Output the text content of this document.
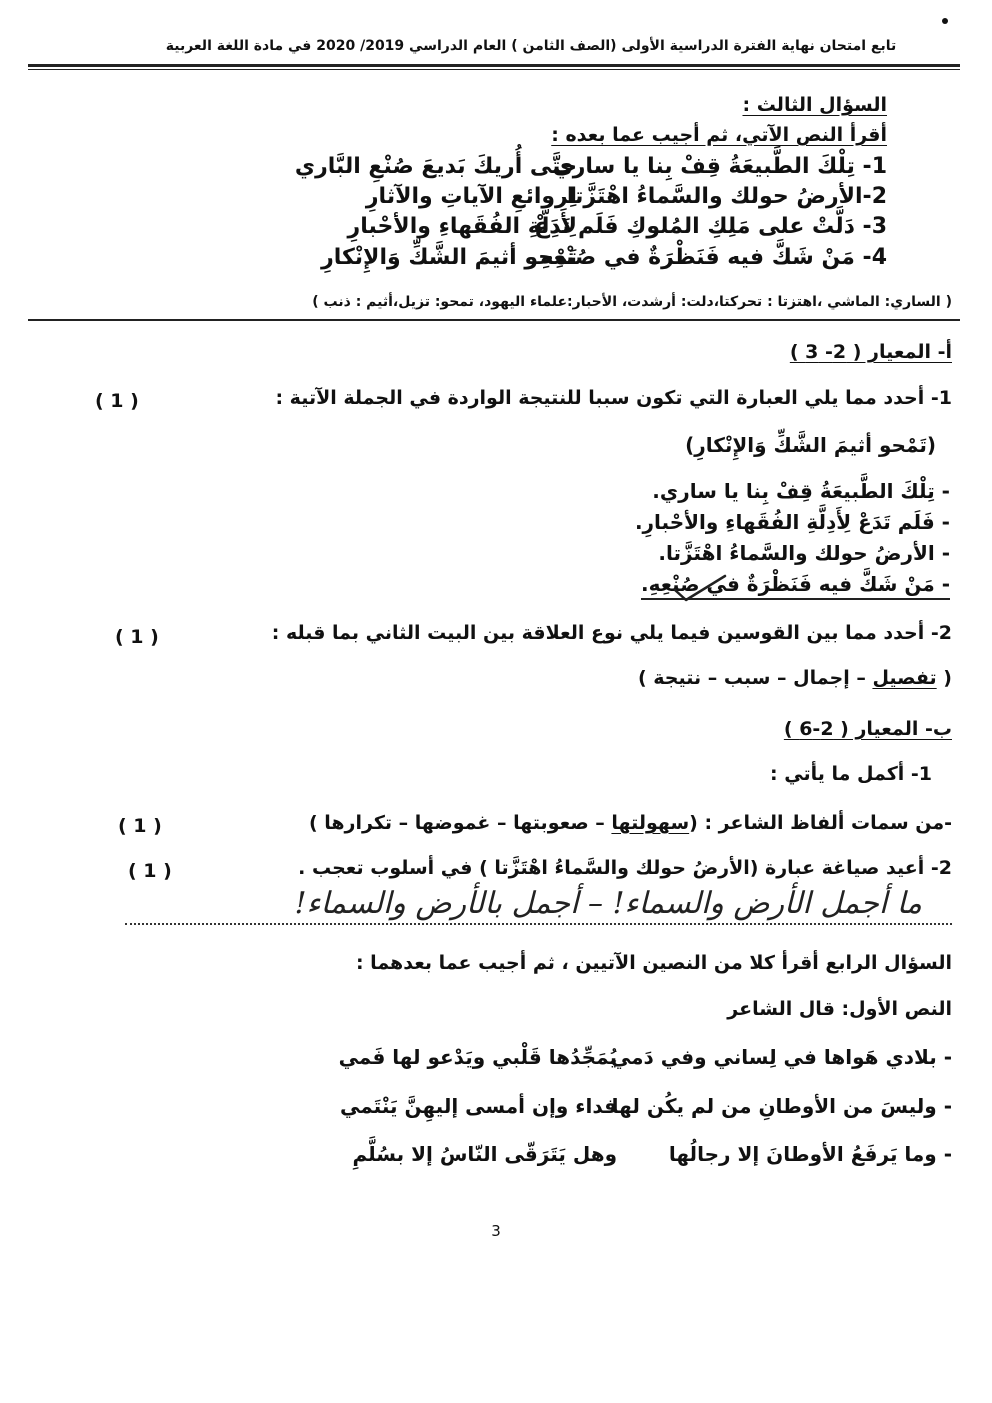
تابع امتحان نهاية الفترة الدراسية الأولى (الصف الثامن ) العام الدراسي 2019/ 2020 في مادة اللغة العربية
السؤال الثالث :
أقرأ النص الآتي، ثم أجيب عما بعده :
1- تِلْكَ الطَّبيعَةُ قِفْ بِنا يا ساري
حتَّى أُريكَ بَديعَ صُنْعِ البَّاري
2-الأرضُ حولك والسَّماءُ اهْتَزَّتا
لِروائعِ الآياتِ والآثارِ
3- دَلَّتْ على مَلِكِ المُلوكِ فَلَم تَدَعْ
لِأَدِلَّةِ الفُقَهاءِ والأحْبارِ
4- مَنْ شَكَّ فيه فَنَظْرَةٌ في صُنْعِهِ
تَمْحو أثيمَ الشَّكِّ وَالإِنْكارِ
( الساري: الماشي ،اهتزتا : تحركتا،دلت: أرشدت، الأحبار:علماء اليهود، تمحو: تزيل،أثيم : ذنب )
أ- المعيار ( 2- 3 )
1- أحدد مما يلي العبارة التي تكون سببا للنتيجة الواردة في الجملة الآتية :
( 1 )
(تَمْحو أثيمَ الشَّكِّ وَالإِنْكارِ)
- تِلْكَ الطَّبيعَةُ قِفْ بِنا يا ساري.
- فَلَم تَدَعْ لِأَدِلَّةِ الفُقَهاءِ والأحْبارِ.
- الأرضُ حولك والسَّماءُ اهْتَزَّتا.
- مَنْ شَكَّ فيه فَنَظْرَةٌ في صُنْعِهِ.
2- أحدد مما بين القوسين فيما يلي نوع العلاقة بين البيت الثاني بما قبله :
( 1 )
( تفصيل – إجمال – سبب – نتيجة )
ب- المعيار ( 2-6 )
1- أكمل ما يأتي :
-من سمات ألفاظ الشاعر : (سهولتها – صعوبتها – غموضها – تكرارها )
( 1 )
2- أعيد صياغة عبارة (الأرضُ حولك والسَّماءُ اهْتَزَّتا ) في أسلوب تعجب .
( 1 )
ما أجمل الأرض والسماء! – أجمل بالأرض والسماء!
السؤال الرابع أقرأ كلا من النصين الآتيين ، ثم أجيب عما بعدهما :
النص الأول: قال الشاعر
- بلادي هَواها في لِساني وفي دَمي
يُمَجِّدُها قَلْبي ويَدْعو لها فَمي
- وليسَ من الأوطانِ من لم يكُن لها
فداء وإن أمسى إليهِنَّ يَنْتَمي
- وما يَرفَعُ الأوطانَ إلا رجالُها
وهل يَتَرَقّى النّاسُ إلا بسُلَّمِ
3
